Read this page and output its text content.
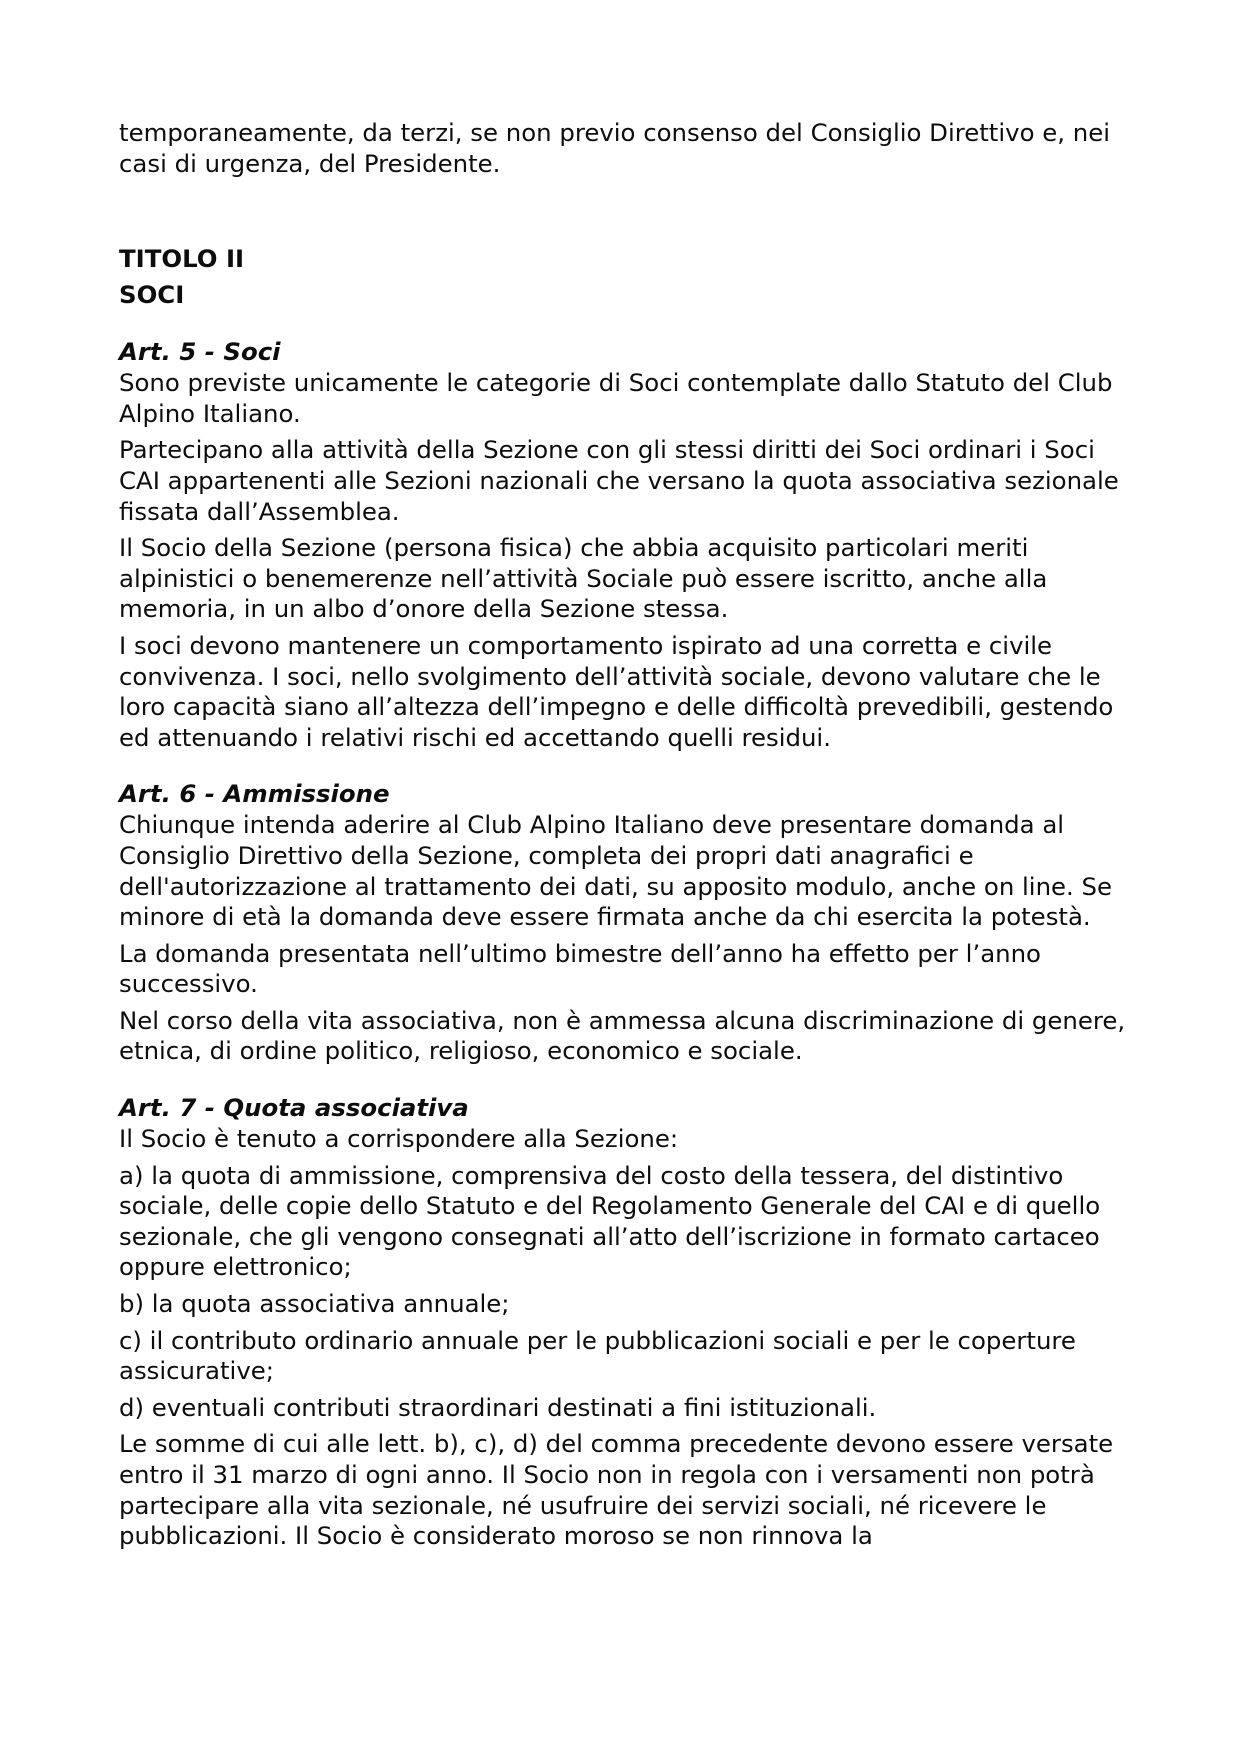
temporaneamente, da terzi, se non previo consenso del Consiglio Direttivo e, nei casi di urgenza, del Presidente.

TITOLO II
SOCI

Art. 5 - Soci

Sono previste unicamente le categorie di Soci contemplate dallo Statuto del Club Alpino Italiano.

Partecipano alla attività della Sezione con gli stessi diritti dei Soci ordinari i Soci CAI appartenenti alle Sezioni nazionali che versano la quota associativa sezionale fissata dall’Assemblea.

Il Socio della Sezione (persona fisica) che abbia acquisito particolari meriti alpinistici o benemerenze nell’attività Sociale può essere iscritto, anche alla memoria, in un albo d’onore della Sezione stessa.

I soci devono mantenere un comportamento ispirato ad una corretta e civile convivenza. I soci, nello svolgimento dell’attività sociale, devono valutare che le loro capacità siano all’altezza dell’impegno e delle difficoltà prevedibili, gestendo ed attenuando i relativi rischi ed accettando quelli residui.

Art. 6 - Ammissione

Chiunque intenda aderire al Club Alpino Italiano deve presentare domanda al Consiglio Direttivo della Sezione, completa dei propri dati anagrafici e dell'autorizzazione al trattamento dei dati, su apposito modulo, anche on line. Se minore di età la domanda deve essere firmata anche da chi esercita la potestà.

La domanda presentata nell’ultimo bimestre dell’anno ha effetto per l’anno successivo.

Nel corso della vita associativa, non è ammessa alcuna discriminazione di genere, etnica, di ordine politico, religioso, economico e sociale.

Art. 7 - Quota associativa

Il Socio è tenuto a corrispondere alla Sezione:

a) la quota di ammissione, comprensiva del costo della tessera, del distintivo sociale, delle copie dello Statuto e del Regolamento Generale del CAI e di quello sezionale, che gli vengono consegnati all’atto dell’iscrizione in formato cartaceo oppure elettronico;

b) la quota associativa annuale;

c) il contributo ordinario annuale per le pubblicazioni sociali e per le coperture assicurative;

d) eventuali contributi straordinari destinati a fini istituzionali.

Le somme di cui alle lett. b), c), d) del comma precedente devono essere versate entro il 31 marzo di ogni anno. Il Socio non in regola con i versamenti non potrà partecipare alla vita sezionale, né usufruire dei servizi sociali, né ricevere le pubblicazioni. Il Socio è considerato moroso se non rinnova la
